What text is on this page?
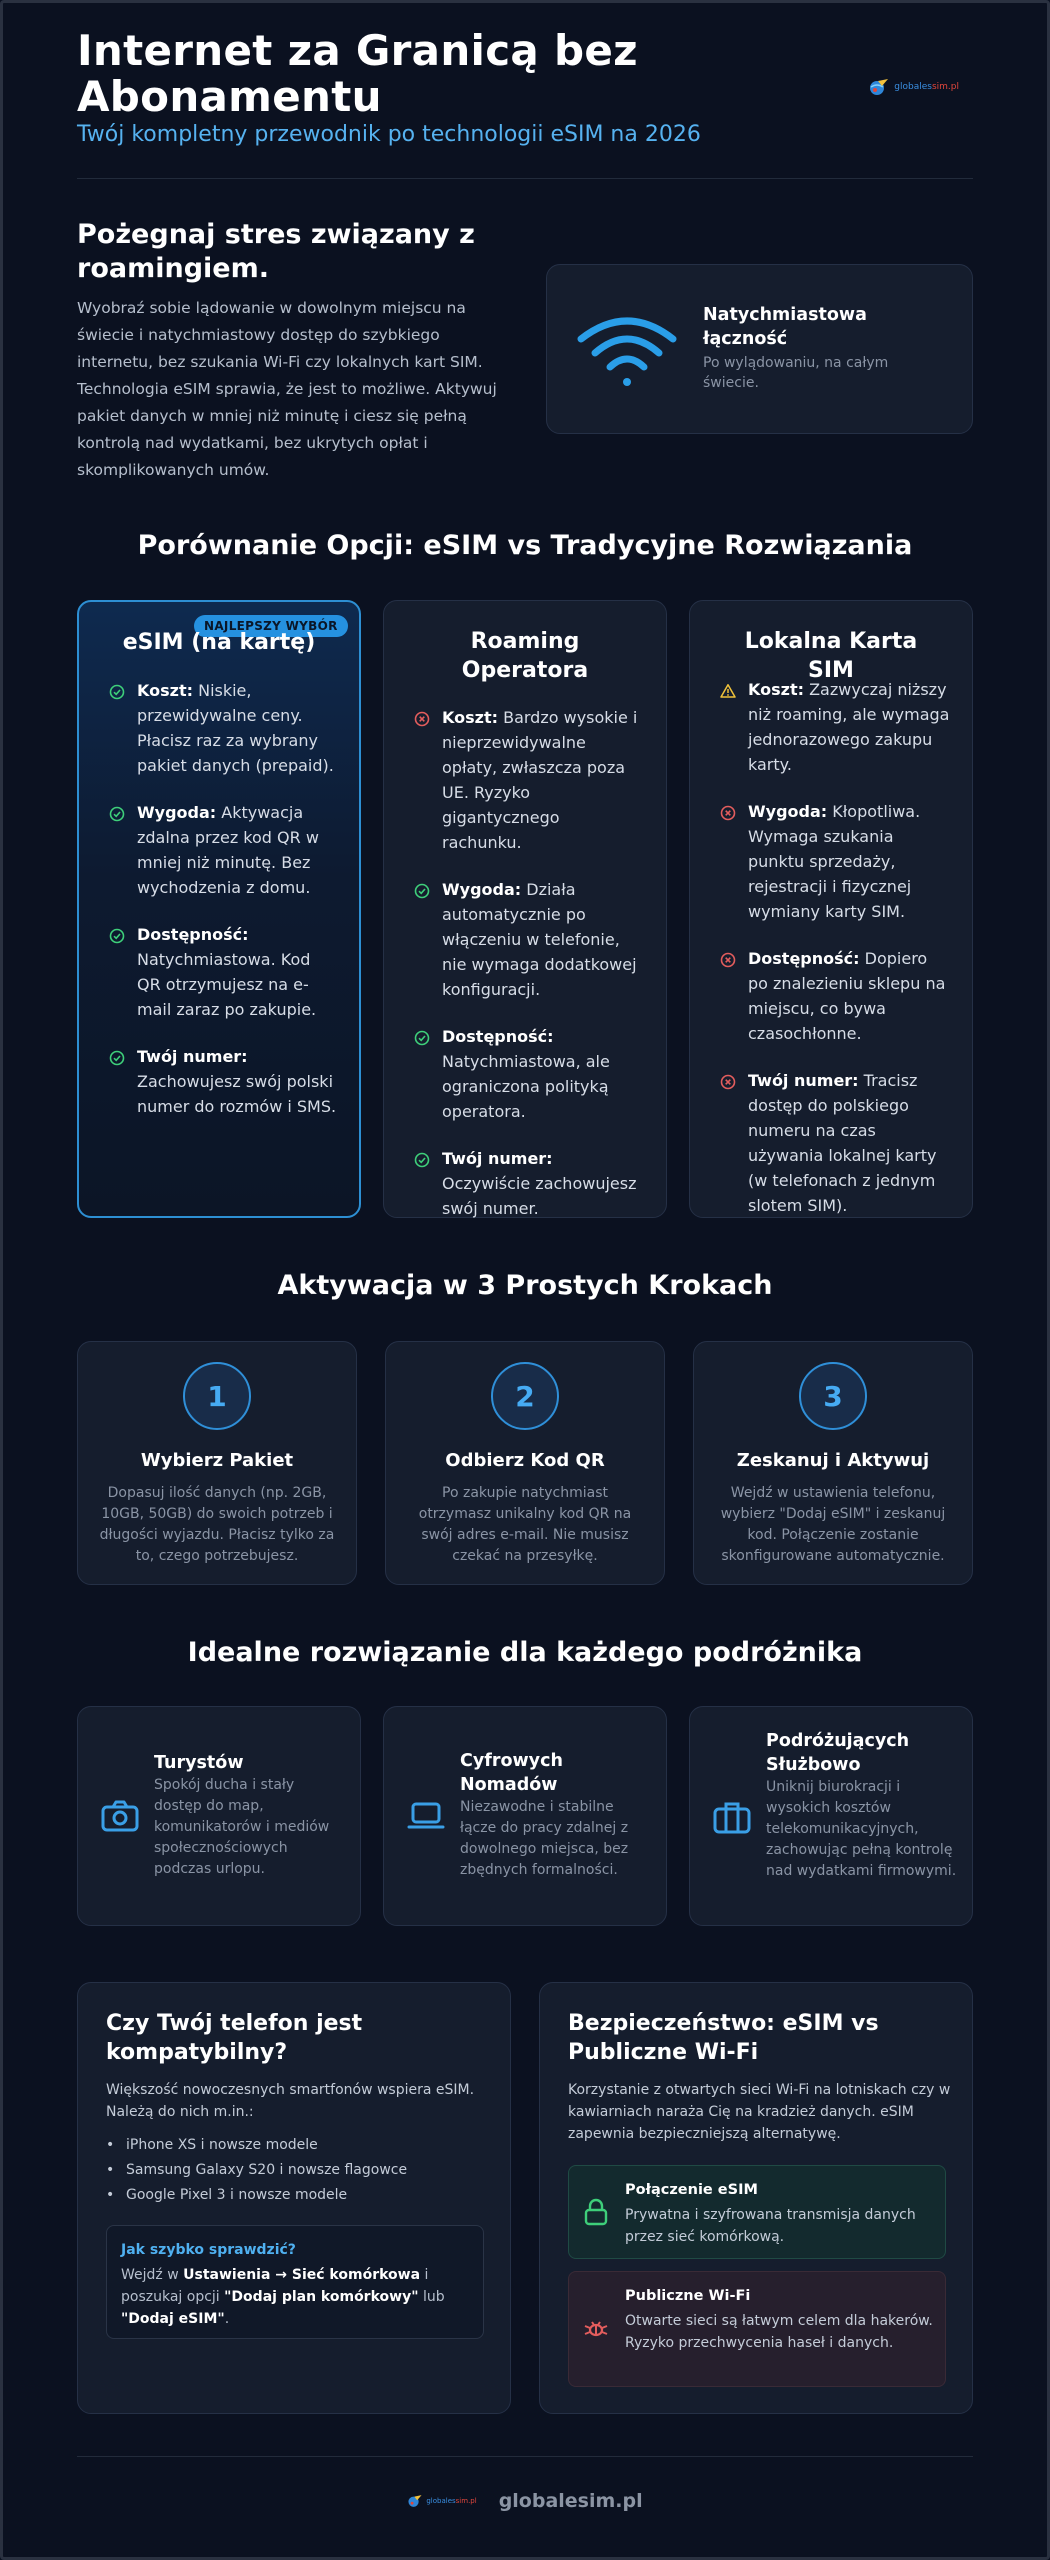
Internet za Granicą bez Abonamentu
Twój kompletny przewodnik po technologii eSIM na 2026
globalessim.pl
Pożegnaj stres związany z roamingiem.
Wyobraź sobie lądowanie w dowolnym miejscu na świecie i natychmiastowy dostęp do szybkiego internetu, bez szukania Wi-Fi czy lokalnych kart SIM. Technologia eSIM sprawia, że jest to możliwe. Aktywuj pakiet danych w mniej niż minutę i ciesz się pełną kontrolą nad wydatkami, bez ukrytych opłat i skomplikowanych umów.
Natychmiastowa łączność
Po wylądowaniu, na całym świecie.
Porównanie Opcji: eSIM vs Tradycyjne Rozwiązania
NAJLEPSZY WYBÓR
eSIM (na kartę)
Koszt: Niskie, przewidywalne ceny. Płacisz raz za wybrany pakiet danych (prepaid).
Wygoda: Aktywacja zdalna przez kod QR w mniej niż minutę. Bez wychodzenia z domu.
Dostępność: Natychmiastowa. Kod QR otrzymujesz na e-mail zaraz po zakupie.
Twój numer: Zachowujesz swój polski numer do rozmów i SMS.
Roaming Operatora
Koszt: Bardzo wysokie i nieprzewidywalne opłaty, zwłaszcza poza UE. Ryzyko gigantycznego rachunku.
Wygoda: Działa automatycznie po włączeniu w telefonie, nie wymaga dodatkowej konfiguracji.
Dostępność: Natychmiastowa, ale ograniczona polityką operatora.
Twój numer: Oczywiście zachowujesz swój numer.
Lokalna Karta SIM
Koszt: Zazwyczaj niższy niż roaming, ale wymaga jednorazowego zakupu karty.
Wygoda: Kłopotliwa. Wymaga szukania punktu sprzedaży, rejestracji i fizycznej wymiany karty SIM.
Dostępność: Dopiero po znalezieniu sklepu na miejscu, co bywa czasochłonne.
Twój numer: Tracisz dostęp do polskiego numeru na czas używania lokalnej karty (w telefonach z jednym slotem SIM).
Aktywacja w 3 Prostych Krokach
1
Wybierz Pakiet
Dopasuj ilość danych (np. 2GB, 10GB, 50GB) do swoich potrzeb i długości wyjazdu. Płacisz tylko za to, czego potrzebujesz.
2
Odbierz Kod QR
Po zakupie natychmiast otrzymasz unikalny kod QR na swój adres e-mail. Nie musisz czekać na przesyłkę.
3
Zeskanuj i Aktywuj
Wejdź w ustawienia telefonu, wybierz "Dodaj eSIM" i zeskanuj kod. Połączenie zostanie skonfigurowane automatycznie.
Idealne rozwiązanie dla każdego podróżnika
Turystów
Spokój ducha i stały dostęp do map, komunikatorów i mediów społecznościowych podczas urlopu.
Cyfrowych Nomadów
Niezawodne i stabilne łącze do pracy zdalnej z dowolnego miejsca, bez zbędnych formalności.
Podróżujących Służbowo
Uniknij biurokracji i wysokich kosztów telekomunikacyjnych, zachowując pełną kontrolę nad wydatkami firmowymi.
Czy Twój telefon jest kompatybilny?
Większość nowoczesnych smartfonów wspiera eSIM. Należą do nich m.in.:
• iPhone XS i nowsze modele
• Samsung Galaxy S20 i nowsze flagowce
• Google Pixel 3 i nowsze modele
Jak szybko sprawdzić?
Wejdź w Ustawienia → Sieć komórkowa i poszukaj opcji "Dodaj plan komórkowy" lub "Dodaj eSIM".
Bezpieczeństwo: eSIM vs Publiczne Wi-Fi
Korzystanie z otwartych sieci Wi-Fi na lotniskach czy w kawiarniach naraża Cię na kradzież danych. eSIM zapewnia bezpieczniejszą alternatywę.
Połączenie eSIM
Prywatna i szyfrowana transmisja danych przez sieć komórkową.
Publiczne Wi-Fi
Otwarte sieci są łatwym celem dla hakerów. Ryzyko przechwycenia haseł i danych.
globalessim.pl globalesim.pl
